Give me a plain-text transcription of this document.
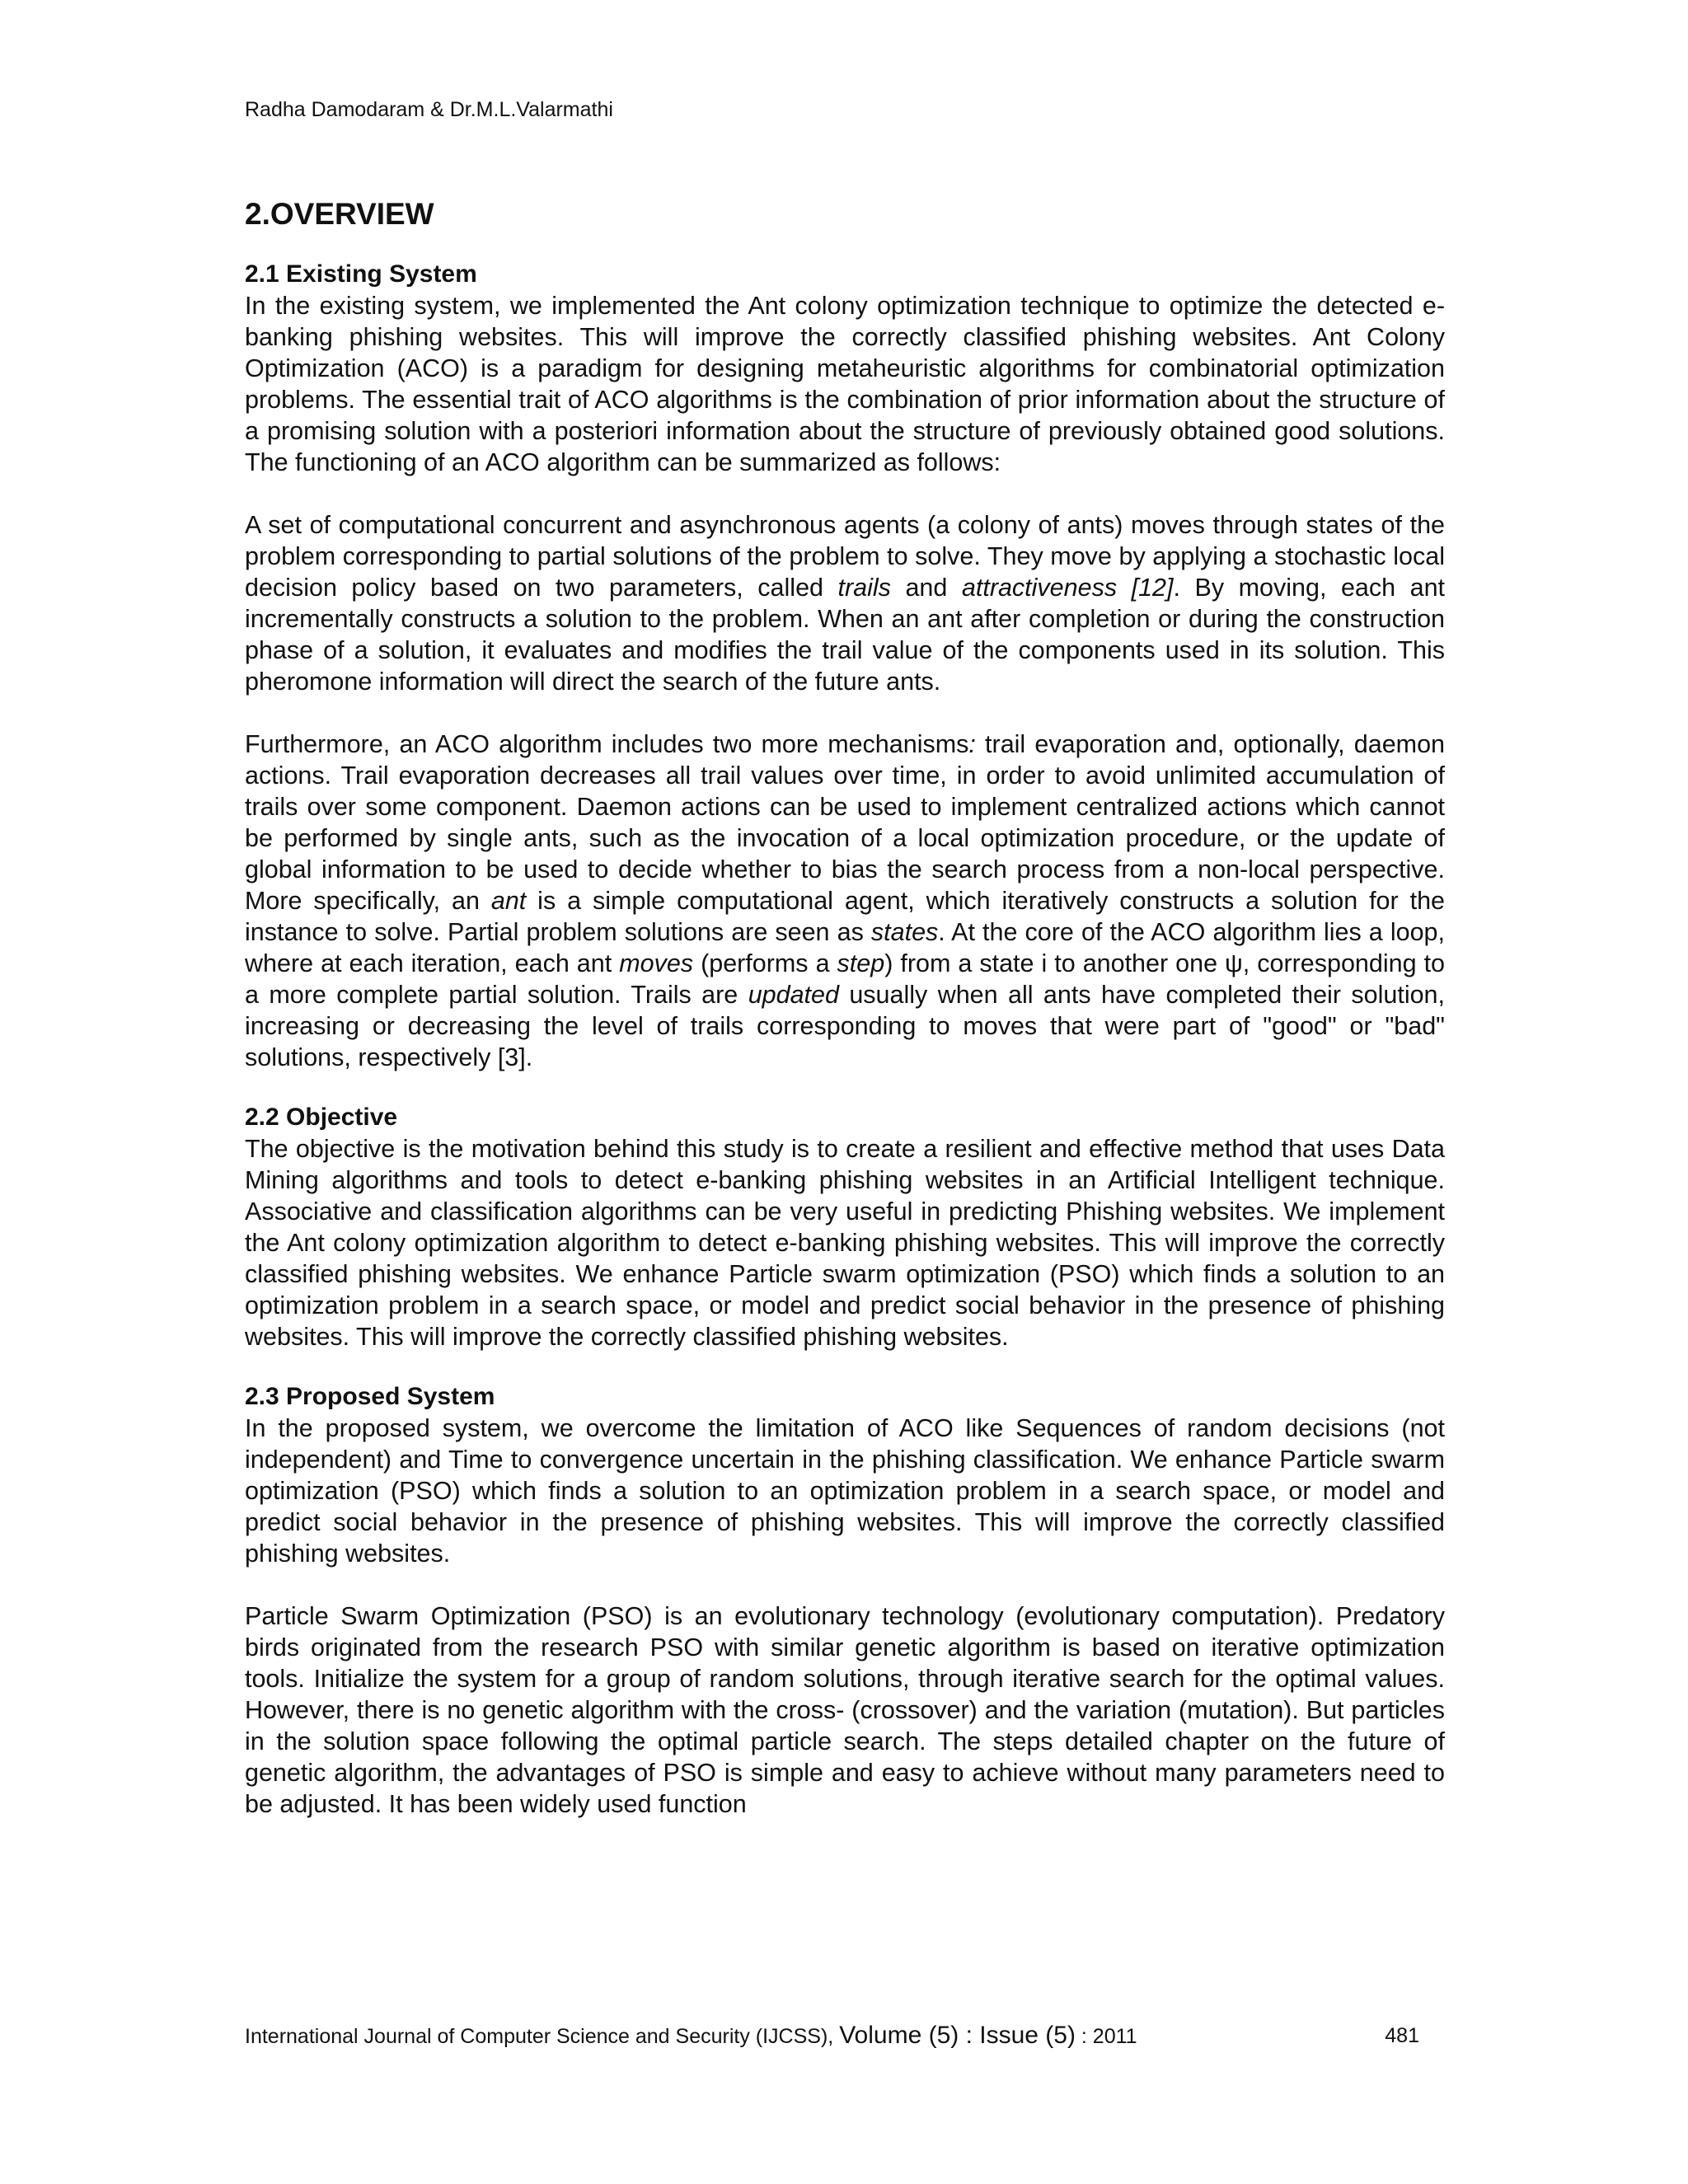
Radha Damodaram & Dr.M.L.Valarmathi
2.OVERVIEW
2.1 Existing System

In the existing system, we implemented the Ant colony optimization technique to optimize the detected e-banking phishing websites. This will improve the correctly classified phishing websites. Ant Colony Optimization (ACO) is a paradigm for designing metaheuristic algorithms for combinatorial optimization problems. The essential trait of ACO algorithms is the combination of prior information about the structure of a promising solution with a posteriori information about the structure of previously obtained good solutions. The functioning of an ACO algorithm can be summarized as follows:

A set of computational concurrent and asynchronous agents (a colony of ants) moves through states of the problem corresponding to partial solutions of the problem to solve. They move by applying a stochastic local decision policy based on two parameters, called trails and attractiveness [12]. By moving, each ant incrementally constructs a solution to the problem. When an ant after completion or during the construction phase of a solution, it evaluates and modifies the trail value of the components used in its solution. This pheromone information will direct the search of the future ants.

Furthermore, an ACO algorithm includes two more mechanisms: trail evaporation and, optionally, daemon actions. Trail evaporation decreases all trail values over time, in order to avoid unlimited accumulation of trails over some component. Daemon actions can be used to implement centralized actions which cannot be performed by single ants, such as the invocation of a local optimization procedure, or the update of global information to be used to decide whether to bias the search process from a non-local perspective. More specifically, an ant is a simple computational agent, which iteratively constructs a solution for the instance to solve. Partial problem solutions are seen as states. At the core of the ACO algorithm lies a loop, where at each iteration, each ant moves (performs a step) from a state i to another one ψ, corresponding to a more complete partial solution. Trails are updated usually when all ants have completed their solution, increasing or decreasing the level of trails corresponding to moves that were part of "good" or "bad" solutions, respectively [3].

2.2 Objective

The objective is the motivation behind this study is to create a resilient and effective method that uses Data Mining algorithms and tools to detect e-banking phishing websites in an Artificial Intelligent technique. Associative and classification algorithms can be very useful in predicting Phishing websites. We implement the Ant colony optimization algorithm to detect e-banking phishing websites. This will improve the correctly classified phishing websites. We enhance Particle swarm optimization (PSO) which finds a solution to an optimization problem in a search space, or model and predict social behavior in the presence of phishing websites. This will improve the correctly classified phishing websites.

2.3 Proposed System

In the proposed system, we overcome the limitation of ACO like Sequences of random decisions (not independent) and Time to convergence uncertain in the phishing classification. We enhance Particle swarm optimization (PSO) which finds a solution to an optimization problem in a search space, or model and predict social behavior in the presence of phishing websites. This will improve the correctly classified phishing websites.

Particle Swarm Optimization (PSO) is an evolutionary technology (evolutionary computation). Predatory birds originated from the research PSO with similar genetic algorithm is based on iterative optimization tools. Initialize the system for a group of random solutions, through iterative search for the optimal values. However, there is no genetic algorithm with the cross- (crossover) and the variation (mutation). But particles in the solution space following the optimal particle search. The steps detailed chapter on the future of genetic algorithm, the advantages of PSO is simple and easy to achieve without many parameters need to be adjusted. It has been widely used function

International Journal of Computer Science and Security (IJCSS), Volume (5) : Issue (5) : 2011	481
